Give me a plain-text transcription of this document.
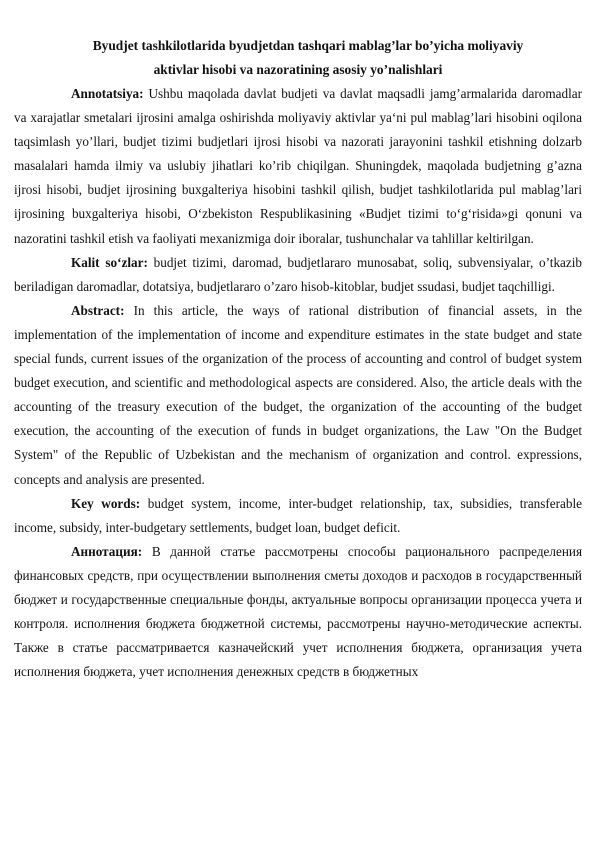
Byudjet tashkilotlarida byudjetdan tashqari mablag’lar bo’yicha moliyaviy
aktivlar hisobi va nazoratining asosiy yo’nalishlari

Annotatsiya: Ushbu maqolada davlat budjeti va davlat maqsadli jamg’armalarida daromadlar va xarajatlar smetalari ijrosini amalga oshirishda moliyaviy aktivlar ya‘ni pul mablag’lari hisobini oqilona taqsimlash yo’llari, budjet tizimi budjetlari ijrosi hisobi va nazorati jarayonini tashkil etishning dolzarb masalalari hamda ilmiy va uslubiy jihatlari ko’rib chiqilgan. Shuningdek, maqolada budjetning g’azna ijrosi hisobi, budjet ijrosining buxgalteriya hisobini tashkil qilish, budjet tashkilotlarida pul mablag’lari ijrosining buxgalteriya hisobi, O‘zbekiston Respublikasining «Budjet tizimi to‘g‘risida»gi qonuni va nazoratini tashkil etish va faoliyati mexanizmiga doir iboralar, tushunchalar va tahlillar keltirilgan.

Kalit so‘zlar: budjet tizimi, daromad, budjetlararo munosabat, soliq, subvensiyalar, o’tkazib beriladigan daromadlar, dotatsiya, budjetlararo o’zaro hisob-kitoblar, budjet ssudasi, budjet taqchilligi.

Abstract: In this article, the ways of rational distribution of financial assets, in the implementation of the implementation of income and expenditure estimates in the state budget and state special funds, current issues of the organization of the process of accounting and control of budget system budget execution, and scientific and methodological aspects are considered. Also, the article deals with the accounting of the treasury execution of the budget, the organization of the accounting of the budget execution, the accounting of the execution of funds in budget organizations, the Law "On the Budget System" of the Republic of Uzbekistan and the mechanism of organization and control. expressions, concepts and analysis are presented.

Key words: budget system, income, inter-budget relationship, tax, subsidies, transferable income, subsidy, inter-budgetary settlements, budget loan, budget deficit.

Аннотация: В данной статье рассмотрены способы рационального распределения финансовых средств, при осуществлении выполнения сметы доходов и расходов в государственный бюджет и государственные специальные фонды, актуальные вопросы организации процесса учета и контроля. исполнения бюджета бюджетной системы, рассмотрены научно-методические аспекты. Также в статье рассматривается казначейский учет исполнения бюджета, организация учета исполнения бюджета, учет исполнения денежных средств в бюджетных
